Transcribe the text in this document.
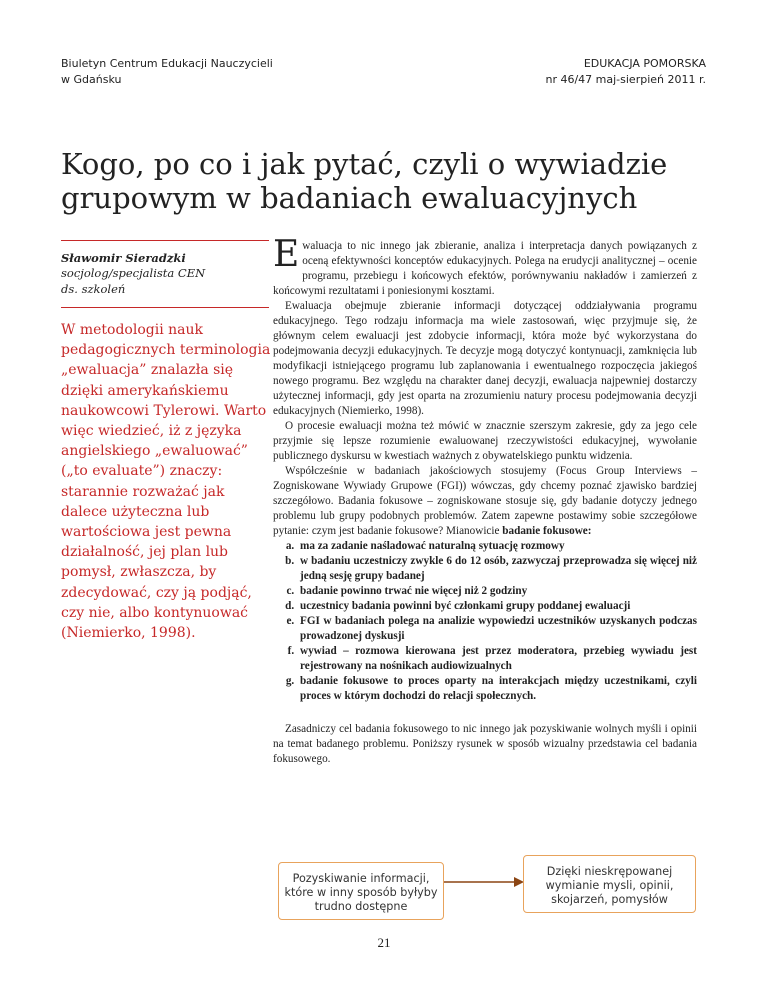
Biuletyn Centrum Edukacji Nauczycieli
w Gdańsku
EDUKACJA POMORSKA
nr 46/47 maj-sierpień 2011 r.
Kogo, po co i jak pytać, czyli o wywiadzie grupowym w badaniach ewaluacyjnych
Sławomir Sieradzki
socjolog/specjalista CEN
ds. szkoleń

W metodologii nauk pedagogicznych terminologia „ewaluacja” znalazła się dzięki amerykańskiemu naukowcowi Tylerowi. Warto więc wiedzieć, iż z języka angielskiego „ewaluować” („to evaluate”) znaczy: starannie rozważać jak dalece użyteczna lub wartościowa jest pewna działalność, jej plan lub pomysł, zwłaszcza, by zdecydować, czy ją podjąć, czy nie, albo kontynuować (Niemierko, 1998).

Ewaluacja to nic innego jak zbieranie, analiza i interpretacja danych powiązanych z oceną efektywności konceptów edukacyjnych. Polega na erudycji analitycznej – ocenie programu, przebiegu i końcowych efektów, porównywaniu nakładów i zamierzeń z końcowymi rezultatami i poniesionymi kosztami.

Ewaluacja obejmuje zbieranie informacji dotyczącej oddziaływania programu edukacyjnego. Tego rodzaju informacja ma wiele zastosowań, więc przyjmuje się, że głównym celem ewaluacji jest zdobycie informacji, która może być wykorzystana do podejmowania decyzji edukacyjnych. Te decyzje mogą dotyczyć kontynuacji, zamknięcia lub modyfikacji istniejącego programu lub zaplanowania i ewentualnego rozpoczęcia jakiegoś nowego programu. Bez względu na charakter danej decyzji, ewaluacja najpewniej dostarczy użytecznej informacji, gdy jest oparta na zrozumieniu natury procesu podejmowania decyzji edukacyjnych (Niemierko, 1998).

O procesie ewaluacji można też mówić w znacznie szerszym zakresie, gdy za jego cele przyjmie się lepsze rozumienie ewaluowanej rzeczywistości edukacyjnej, wywołanie publicznego dyskursu w kwestiach ważnych z obywatelskiego punktu widzenia.

Współcześnie w badaniach jakościowych stosujemy (Focus Group Interviews – Zogniskowane Wywiady Grupowe (FGI)) wówczas, gdy chcemy poznać zjawisko bardziej szczegółowo. Badania fokusowe – zogniskowane stosuje się, gdy badanie dotyczy jednego problemu lub grupy podobnych problemów. Zatem zapewne postawimy sobie szczegółowe pytanie: czym jest badanie fokusowe? Mianowicie badanie fokusowe:

a. ma za zadanie naśladować naturalną sytuację rozmowy
b. w badaniu uczestniczy zwykle 6 do 12 osób, zazwyczaj przeprowadza się więcej niż jedną sesję grupy badanej
c. badanie powinno trwać nie więcej niż 2 godziny
d. uczestnicy badania powinni być członkami grupy poddanej ewaluacji
e. FGI w badaniach polega na analizie wypowiedzi uczestników uzyskanych podczas prowadzonej dyskusji
f. wywiad – rozmowa kierowana jest przez moderatora, przebieg wywiadu jest rejestrowany na nośnikach audiowizualnych
g. badanie fokusowe to proces oparty na interakcjach między uczestnikami, czyli proces w którym dochodzi do relacji społecznych.

Zasadniczy cel badania fokusowego to nic innego jak pozyskiwanie wolnych myśli i opinii na temat badanego problemu. Poniższy rysunek w sposób wizualny przedstawia cel badania fokusowego.

Pozyskiwanie informacji, które w inny sposób byłyby trudno dostępne
Dzięki nieskrępowanej wymianie mysli, opinii, skojarzeń, pomysłów
21
